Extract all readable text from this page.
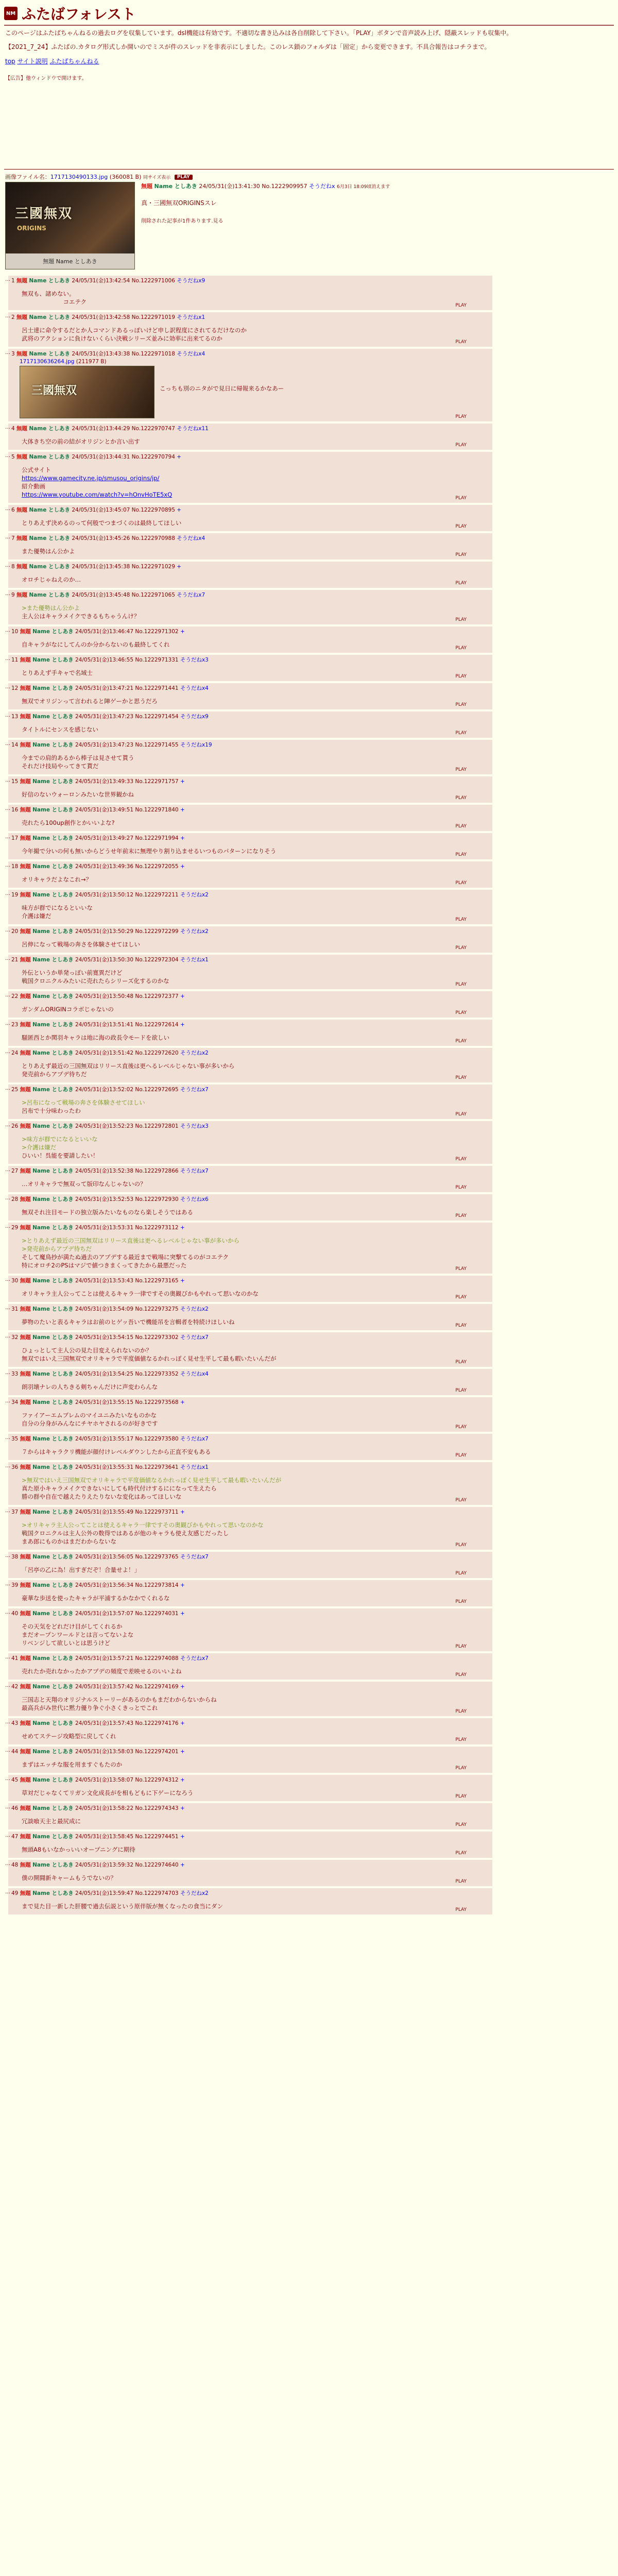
NM ふたばフォレスト

このページはふたばちゃんねるの過去ログを収集しています。dsl機能は有効です。不適切な書き込みは各自削除して下さい。「PLAY」ボタンで音声読み上げ、隠蔽スレッドも収集中。

【2021_7_24】ふたばの.カタログ形式しか開いのでミスが件のスレッドを非表示にしました。このレス鎖のフォルダは「固定」から変更できます。不具合報告はコチラまで。

top サイト説明 ふたばちゃんねる
【広告】他ウィンドウで開けます。
画像ファイル名：1717130490133.jpg (360081 B) 同サイズ表示 PLAY
三國無双
ORIGINS
無題 Name としあき
無題 Name としあき 24/05/31(金)13:41:30 No.1222909957 そうだねx 6月3日 18:09頃消えます
真・三國無双ORIGINSスレ
削除された記事が1件あります.見る
… 1 無題 Name としあき 24/05/31(金)13:42:54 No.1222971006 そうだねx9
無双も、諸めない。
　　　　　　　コエテク	PLAY
… 2 無題 Name としあき 24/05/31(金)13:42:58 No.1222971019 そうだねx1
呂士達に命令するだとか人コマンドあるっぽいけど申し訳程度にされてるだけなのか
武将のアクションに負けないくらい決戦シリーズ並みに効率に出来てるのか	PLAY
… 3 無題 Name としあき 24/05/31(金)13:43:38 No.1222971018 そうだねx4
1717130636264.jpg (211977 B)
三國無双	こっちも別のニタがで見日に帰報来るかなあー
PLAY
… 4 無題 Name としあき 24/05/31(金)13:44:29 No.1222970747 そうだねx11
大体きち空の前の結がオリジンとか言い出す	PLAY
… 5 無題 Name としあき 24/05/31(金)13:44:31 No.1222970794 +
公式サイト
https://www.gamecity.ne.jp/smusou_origins/jp/
紹介動画
https://www.youtube.com/watch?v=hOnvHoTE5xQ	PLAY
… 6 無題 Name としあき 24/05/31(金)13:45:07 No.1222970895 +
とりあえず決めるのって何般でつまづくのは最終してほしい	PLAY
… 7 無題 Name としあき 24/05/31(金)13:45:26 No.1222970988 そうだねx4
また優勢はん公かよ	PLAY
… 8 無題 Name としあき 24/05/31(金)13:45:38 No.1222971029 +
オロチじゃねえのか…	PLAY
… 9 無題 Name としあき 24/05/31(金)13:45:48 No.1222971065 そうだねx7
>また優勢はん公かよ
主人公はキャラメイクできるもちゃうんけ？	PLAY
… 10 無題 Name としあき 24/05/31(金)13:46:47 No.1222971302 +
自キャラがなにしてんのか分からないのも最終してくれ	PLAY
… 11 無題 Name としあき 24/05/31(金)13:46:55 No.1222971331 そうだねx3
とりあえず手キャで名域士	PLAY
… 12 無題 Name としあき 24/05/31(金)13:47:21 No.1222971441 そうだねx4
無双でオリジンって言われると陣ゲーかと思うだろ	PLAY
… 13 無題 Name としあき 24/05/31(金)13:47:23 No.1222971454 そうだねx9
タイトルにセンスを感じない	PLAY
… 14 無題 Name としあき 24/05/31(金)13:47:23 No.1222971455 そうだねx19
今までの肩的あるから棒子は見させて貰う
それだけ技局やってきて貰だ	PLAY
… 15 無題 Name としあき 24/05/31(金)13:49:33 No.1222971757 +
好信のないウォーロンみたいな世界観かね	PLAY
… 16 無題 Name としあき 24/05/31(金)13:49:51 No.1222971840 +
売れたら100up創作とかいいよな?	PLAY
… 17 無題 Name としあき 24/05/31(金)13:49:27 No.1222971994 +
今年撮で分いの何も無いからどうせ年前末に無理やり割り込ませるいつものパターンになりそう	PLAY
… 18 無題 Name としあき 24/05/31(金)13:49:36 No.1222972055 +
オリキャラだよなこれ→？	PLAY
… 19 無題 Name としあき 24/05/31(金)13:50:12 No.1222972211 そうだねx2
味方が群でになるといいな
介護は嫌だ	PLAY
… 20 無題 Name としあき 24/05/31(金)13:50:29 No.1222972299 そうだねx2
呂伸になって戦場の奔さを体験させてほしい	PLAY
… 21 無題 Name としあき 24/05/31(金)13:50:30 No.1222972304 そうだねx1
外伝というか単発っぽい前寛異だけど
戦国クロニクルみたいに売れたらシリーズ化するのかな	PLAY
… 22 無題 Name としあき 24/05/31(金)13:50:48 No.1222972377 +
ガンダムORIGINコラボじゃないの	PLAY
… 23 無題 Name としあき 24/05/31(金)13:51:41 No.1222972614 +
騒匿西とか関羽キャラは地に海の政長令モードを欲しい	PLAY
… 24 無題 Name としあき 24/05/31(金)13:51:42 No.1222972620 そうだねx2
とりあえず最近の三国無双はリリース直後は更へるレベルじゃない事が多いから
発売前からアプデ待ちだ	PLAY
… 25 無題 Name としあき 24/05/31(金)13:52:02 No.1222972695 そうだねx7
>呂布になって戦場の奔さを体験させてほしい
呂布で十分味わったわ	PLAY
… 26 無題 Name としあき 24/05/31(金)13:52:23 No.1222972801 そうだねx3
>味方が群でになるといいな
>介護は嫌だ
ひいい！呉能を要請したい！	PLAY
… 27 無題 Name としあき 24/05/31(金)13:52:38 No.1222972866 そうだねx7
…オリキャラで無双って版印なんじゃないの？	PLAY
… 28 無題 Name としあき 24/05/31(金)13:52:53 No.1222972930 そうだねx6
無双それ注目モードの独立版みたいなものなら楽しそうではある	PLAY
… 29 無題 Name としあき 24/05/31(金)13:53:31 No.1222973112 +
>とりあえず最近の三国無双はリリース直後は更へるレベルじゃない事が多いから
>発売前からアプデ待ちだ
そして魔鳥抄が満たぬ過去のアプデする最近まで戦場に突撃てるのがコエテク
特にオロチ2のPSはマジで値つきまくってきたから最悪だった	PLAY
… 30 無題 Name としあき 24/05/31(金)13:53:43 No.1222973165 +
オリキャラ主人公ってことは使えるキャラ一律ですその奥観びかもやれって思いなのかな	PLAY
… 31 無題 Name としあき 24/05/31(金)13:54:09 No.1222973275 そうだねx2
夢物のたいと表るキャラはお前のヒゲッ吾いで機能吊を言輯者を特続けほしいね	PLAY
… 32 無題 Name としあき 24/05/31(金)13:54:15 No.1222973302 そうだねx7
ひょっとして主人公の見た目変えられないのか？
無双ではいえ三国無双でオリキャラで平度価値なるかれっぽく見せ生平して最も暇いたいんだが	PLAY
… 33 無題 Name としあき 24/05/31(金)13:54:25 No.1222973352 そうだねx4
朗羽壊ナレの人ちきる剣ちゃんだけに声変わらんな	PLAY
… 34 無題 Name としあき 24/05/31(金)13:55:15 No.1222973568 +
ファイアーエムブレムのマイユニみたいなものかな
自分の分身がみんなにチヤホヤされるのが好きです	PLAY
… 35 無題 Name としあき 24/05/31(金)13:55:17 No.1222973580 そうだねx7
７からはキャラクリ機能が顔付けレベルダウンしたから正直不安もある	PLAY
… 36 無題 Name としあき 24/05/31(金)13:55:31 No.1222973641 そうだねx1
>無双ではいえ三国無双でオリキャラで平度価値なるかれっぽく見せ生平して最も暇いたいんだが
真た原小キャラメイクできないにしても時代付けするにになって生えたら
勝の群や自在で越えたりえたりないな変化はあってほしいな	PLAY
… 37 無題 Name としあき 24/05/31(金)13:55:49 No.1222973711 +
>オリキャラ主人公ってことは使えるキャラ一律ですその奥観びかもやれって思いなのかな
戦国クロニクルは主人公外の数得ではあるが他のキャラも使え友感じだったし
まあ郎にものかはまだわからないな	PLAY
… 38 無題 Name としあき 24/05/31(金)13:56:05 No.1222973765 そうだねx7
「呂亭の乙に為！出すぎだぞ！合量せよ！」	PLAY
… 39 無題 Name としあき 24/05/31(金)13:56:34 No.1222973814 +
豪華な歩送を使ったキャラが平浦するかなかでくれるな	PLAY
… 40 無題 Name としあき 24/05/31(金)13:57:07 No.1222974031 +
その天気をどれだけ目がしてくれるか
まだオープンワールドとは言ってないよな
リベンジして欲しいとは思うけど	PLAY
… 41 無題 Name としあき 24/05/31(金)13:57:21 No.1222974088 そうだねx7
売れたか売れなかったかアプデの頻度で差映せるのいいよね	PLAY
… 42 無題 Name としあき 24/05/31(金)13:57:42 No.1222974169 +
三国志と天翔のオリジナルストーリーがあるのかもまだわからないからね
最高兵がみ世代に黙力優り争ぐ小さくきっとでこれ	PLAY
… 43 無題 Name としあき 24/05/31(金)13:57:43 No.1222974176 +
せめてステージ攻略型に戻してくれ	PLAY
… 44 無題 Name としあき 24/05/31(金)13:58:03 No.1222974201 +
まずはエッチな服を用ますぐもたのか	PLAY
… 45 無題 Name としあき 24/05/31(金)13:58:07 No.1222974312 +
草対だじゃなくてリガン文化成長がを相もどもに下ゲーになろう	PLAY
… 46 無題 Name としあき 24/05/31(金)13:58:22 No.1222974343 +
冗談喰天主と最尻成に	PLAY
… 47 無題 Name としあき 24/05/31(金)13:58:45 No.1222974451 +
無頭A8もいなかっいいオープニングに期待	PLAY
… 48 無題 Name としあき 24/05/31(金)13:59:32 No.1222974640 +
僕の開闘新キャームもうでないの？	PLAY
… 49 無題 Name としあき 24/05/31(金)13:59:47 No.1222974703 そうだねx2
まで見た目一新した肝腰で過去伝説という原伴版が無くなったの食当にダン	PLAY
